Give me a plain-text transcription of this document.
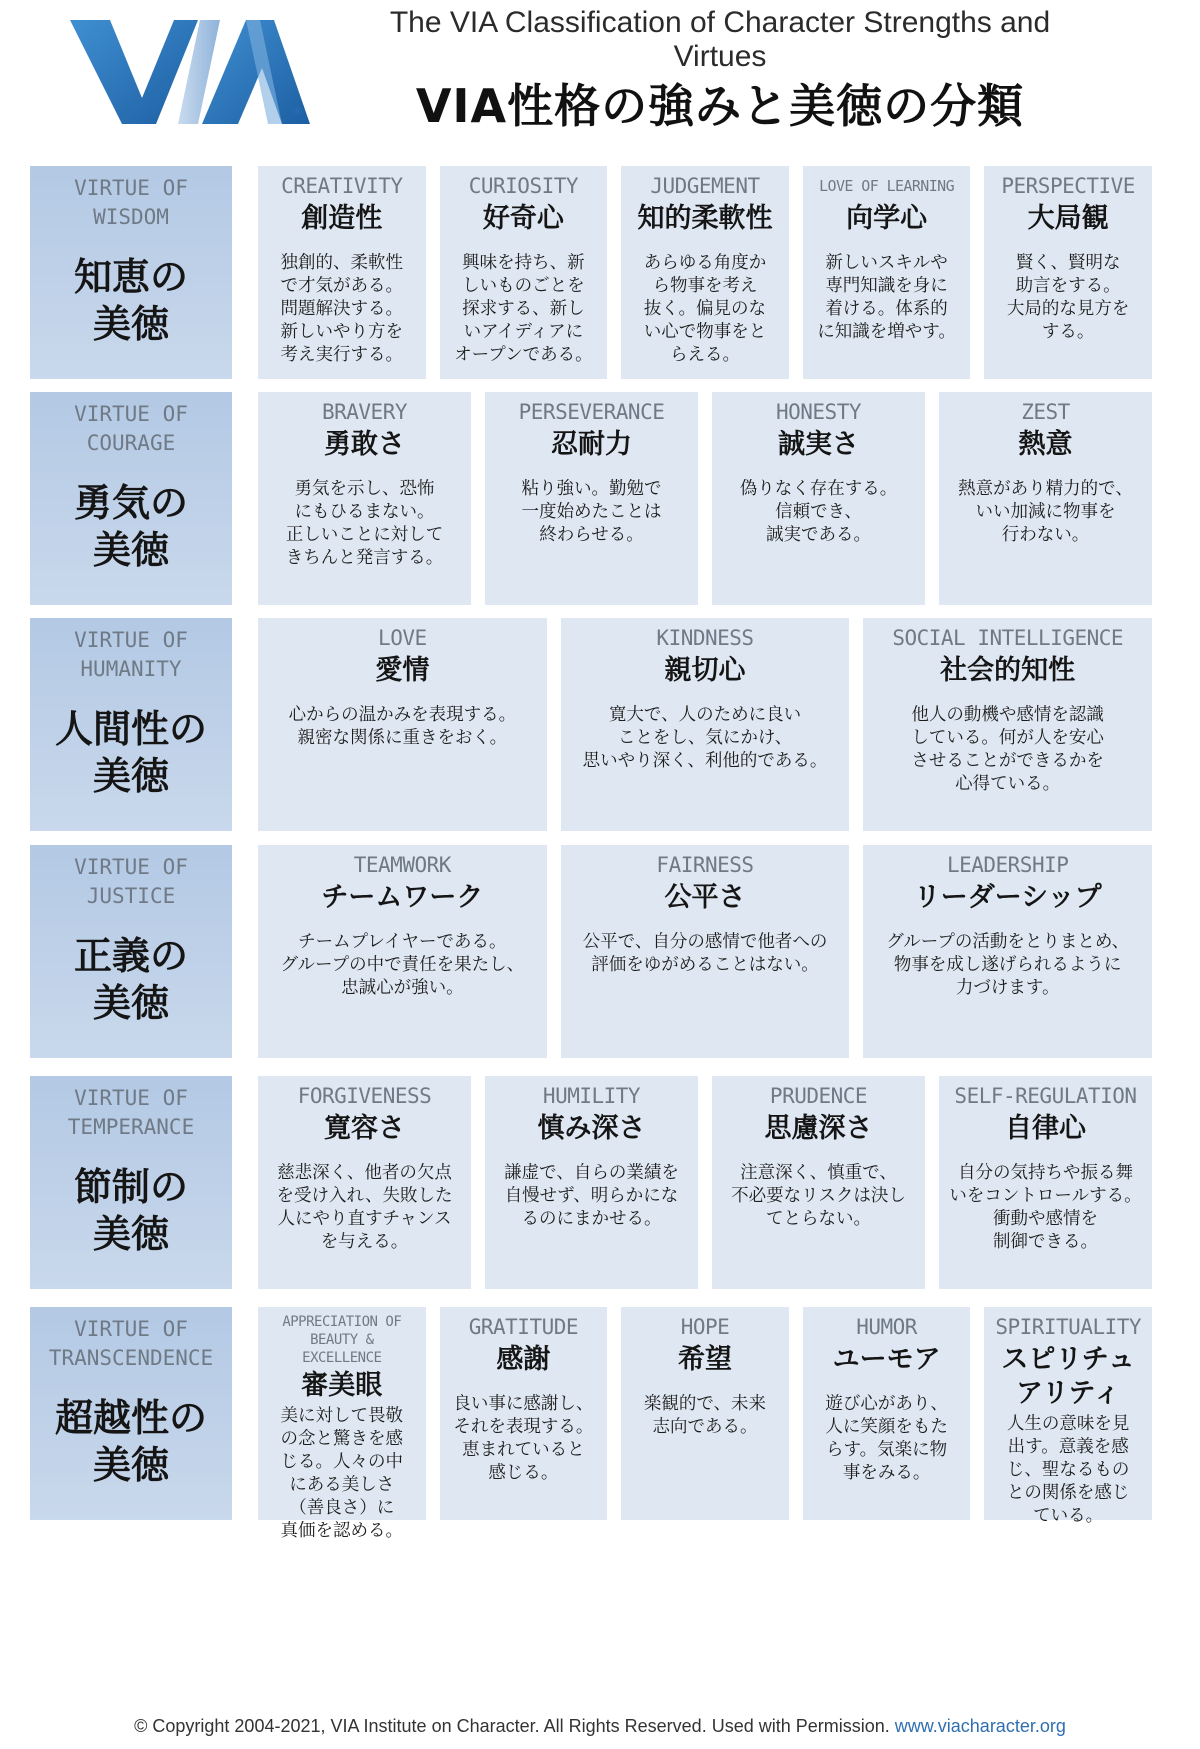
®
The VIA Classification of Character Strengths and Virtues
VIA性格の強みと美徳の分類
VIRTUE OF
WISDOM
知恵の
美徳
CREATIVITY
創造性
独創的、柔軟性
で才気がある。
問題解決する。
新しいやり方を
考え実行する。
CURIOSITY
好奇心
興味を持ち、新
しいものごとを
探求する、新し
いアイディアに
オープンである。
JUDGEMENT
知的柔軟性
あらゆる角度か
ら物事を考え
抜く。偏見のな
い心で物事をと
らえる。
LOVE OF LEARNING
向学心
新しいスキルや
専門知識を身に
着ける。体系的
に知識を増やす。
PERSPECTIVE
大局観
賢く、賢明な
助言をする。
大局的な見方を
する。
VIRTUE OF
COURAGE
勇気の
美徳
BRAVERY
勇敢さ
勇気を示し、恐怖
にもひるまない。
正しいことに対して
きちんと発言する。
PERSEVERANCE
忍耐力
粘り強い。勤勉で
一度始めたことは
終わらせる。
HONESTY
誠実さ
偽りなく存在する。
信頼でき、
誠実である。
ZEST
熱意
熱意があり精力的で、
いい加減に物事を
行わない。
VIRTUE OF
HUMANITY
人間性の
美徳
LOVE
愛情
心からの温かみを表現する。
親密な関係に重きをおく。
KINDNESS
親切心
寛大で、人のために良い
ことをし、気にかけ、
思いやり深く、利他的である。
SOCIAL INTELLIGENCE
社会的知性
他人の動機や感情を認識
している。何が人を安心
させることができるかを
心得ている。
VIRTUE OF
JUSTICE
正義の
美徳
TEAMWORK
チームワーク
チームプレイヤーである。
グループの中で責任を果たし、
忠誠心が強い。
FAIRNESS
公平さ
公平で、自分の感情で他者への
評価をゆがめることはない。
LEADERSHIP
リーダーシップ
グループの活動をとりまとめ、
物事を成し遂げられるように
力づけます。
VIRTUE OF
TEMPERANCE
節制の
美徳
FORGIVENESS
寛容さ
慈悲深く、他者の欠点
を受け入れ、失敗した
人にやり直すチャンス
を与える。
HUMILITY
慎み深さ
謙虚で、自らの業績を
自慢せず、明らかにな
るのにまかせる。
PRUDENCE
思慮深さ
注意深く、慎重で、
不必要なリスクは決し
てとらない。
SELF-REGULATION
自律心
自分の気持ちや振る舞
いをコントロールする。
衝動や感情を
制御できる。
VIRTUE OF
TRANSCENDENCE
超越性の
美徳
APPRECIATION OF
BEAUTY &
EXCELLENCE
審美眼
美に対して畏敬
の念と驚きを感
じる。人々の中
にある美しさ
（善良さ）に
真価を認める。
GRATITUDE
感謝
良い事に感謝し、
それを表現する。
恵まれていると
感じる。
HOPE
希望
楽観的で、未来
志向である。
HUMOR
ユーモア
遊び心があり、
人に笑顔をもた
らす。気楽に物
事をみる。
SPIRITUALITY
スピリチュ
アリティ
人生の意味を見
出す。意義を感
じ、聖なるもの
との関係を感じ
ている。
© Copyright 2004-2021, VIA Institute on Character. All Rights Reserved. Used with Permission. www.viacharacter.org
